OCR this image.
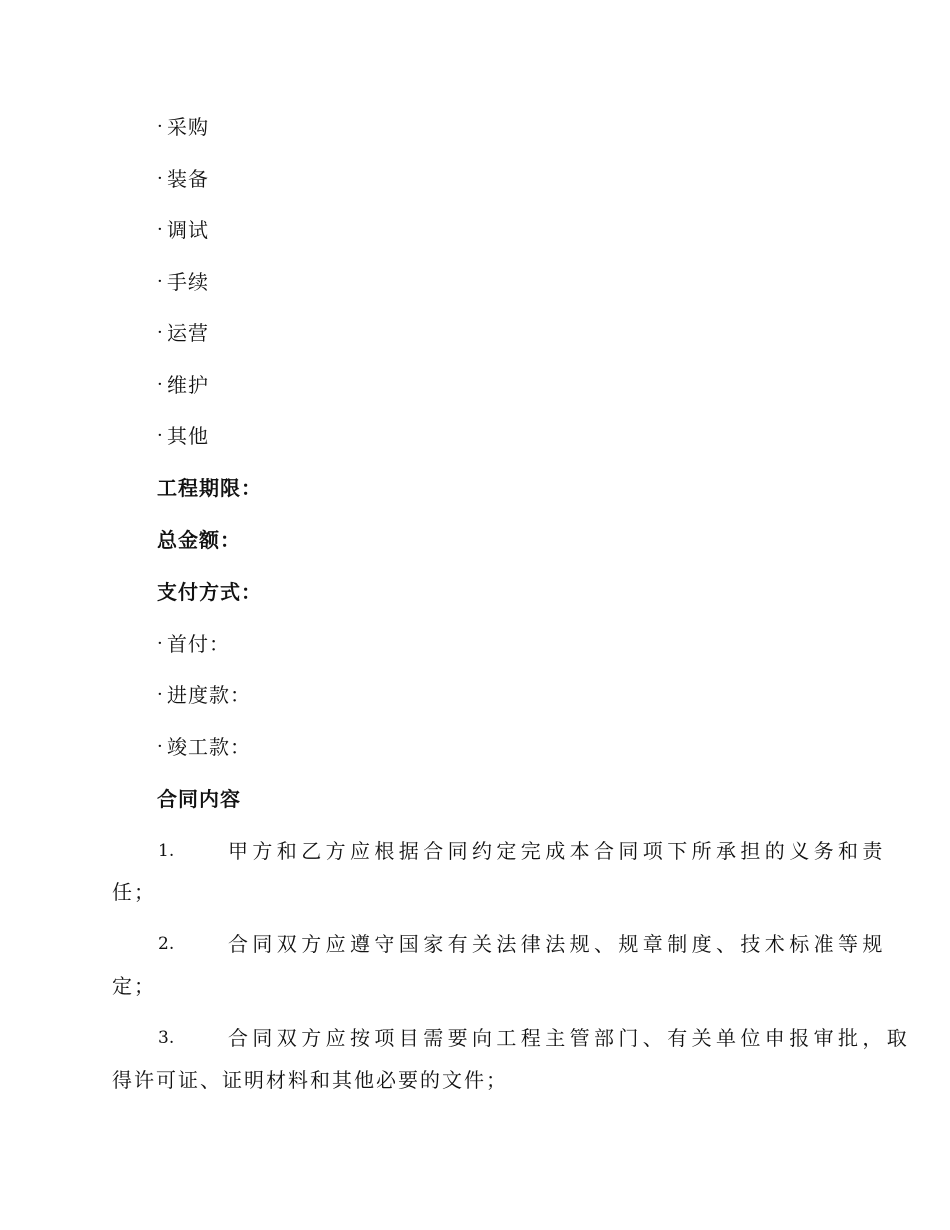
· 采购
· 装备
· 调试
· 手续
· 运营
· 维护
· 其他
工程期限：
总金额：
支付方式：
· 首付：
· 进度款：
· 竣工款：
合同内容
1.	甲方和乙方应根据合同约定完成本合同项下所承担的义务和责
任；
2.	合同双方应遵守国家有关法律法规、规章制度、技术标准等规
定；
3.	合同双方应按项目需要向工程主管部门、有关单位申报审批，取
得许可证、证明材料和其他必要的文件；
